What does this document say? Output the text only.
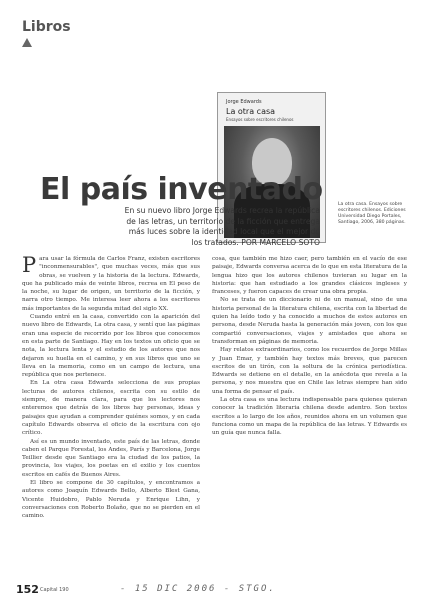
Libros
Jorge Edwards
La otra casa
Ensayos sobre escritores chilenos
La otra casa. Ensayos sobre escritores chilenos. Ediciones Universidad Diego Portales, Santiago, 2006, 380 páginas.
El país inventado
En su nuevo libro Jorge Edwards recrea la república
de las letras, un territorio de la ficción que entrega
más luces sobre la identidad local que el mejor de
los tratados. POR MARCELO SOTO

Para usar la fórmula de Carlos Franz, existen escritores "inconmensurables", que muchas veces, más que sus obras, se vuelven y la historia de la lectura. Edwards, que ha publicado más de veinte libros, recrea en El peso de la noche, su lugar de origen, un territorio de la ficción, y narra otro tiempo. Me interesa leer ahora a los escritores más importantes de la segunda mitad del siglo XX.

Cuando entré en la casa, convertido con la aparición del nuevo libro de Edwards, La otra casa, y sentí que las páginas eran una especie de recorrido por los libros que conocemos en esta parte de Santiago. Hay en los textos un oficio que se nota, la lectura lenta y el estudio de los autores que nos dejaron su huella en el camino, y en sus libros que uno se lleva en la memoria, como en un campo de lectura, una república que nos pertenece.

En La otra casa Edwards selecciona de sus propias lecturas de autores chilenos, escrita con su estilo de siempre, de manera clara, para que los lectores nos enteremos que detrás de los libros hay personas, ideas y paisajes que ayudan a comprender quiénes somos, y en cada capítulo Edwards observa el oficio de la escritura con ojo crítico.

Así es un mundo inventado, este país de las letras, donde caben el Parque Forestal, los Andes, París y Barcelona, Jorge Teillier desde que Santiago era la ciudad de los patios, la provincia, los viajes, los poetas en el exilio y los cuentos escritos en cafés de Buenos Aires.

El libro se compone de 30 capítulos, y encontramos a autores como Joaquín Edwards Bello, Alberto Blest Gana, Vicente Huidobro, Pablo Neruda y Enrique Lihn, y conversaciones con Roberto Bolaño, que no se pierden en el camino.

cosa, que también me hizo caer, pero también en el vacío de ese paisaje, Edwards conversa acerca de lo que en esta literatura de la lengua hizo que los autores chilenos tuvieran su lugar en la historia: que han estudiado a los grandes clásicos ingleses y franceses, y fueron capaces de crear una obra propia.

No se trata de un diccionario ni de un manual, sino de una historia personal de la literatura chilena, escrita con la libertad de quien ha leído todo y ha conocido a muchos de estos autores en persona, desde Neruda hasta la generación más joven, con los que compartió conversaciones, viajes y amistades que ahora se transforman en páginas de memoria.

Hay relatos extraordinarios, como los recuerdos de Jorge Millas y Juan Emar, y también hay textos más breves, que parecen escritos de un tirón, con la soltura de la crónica periodística. Edwards se detiene en el detalle, en la anécdota que revela a la persona, y nos muestra que en Chile las letras siempre han sido una forma de pensar el país.

La otra casa es una lectura indispensable para quienes quieran conocer la tradición literaria chilena desde adentro. Son textos escritos a lo largo de los años, reunidos ahora en un volumen que funciona como un mapa de la república de las letras. Y Edwards es un guía que nunca falla.

152 Capital 190	- 15 DIC 2006 - STGO.
